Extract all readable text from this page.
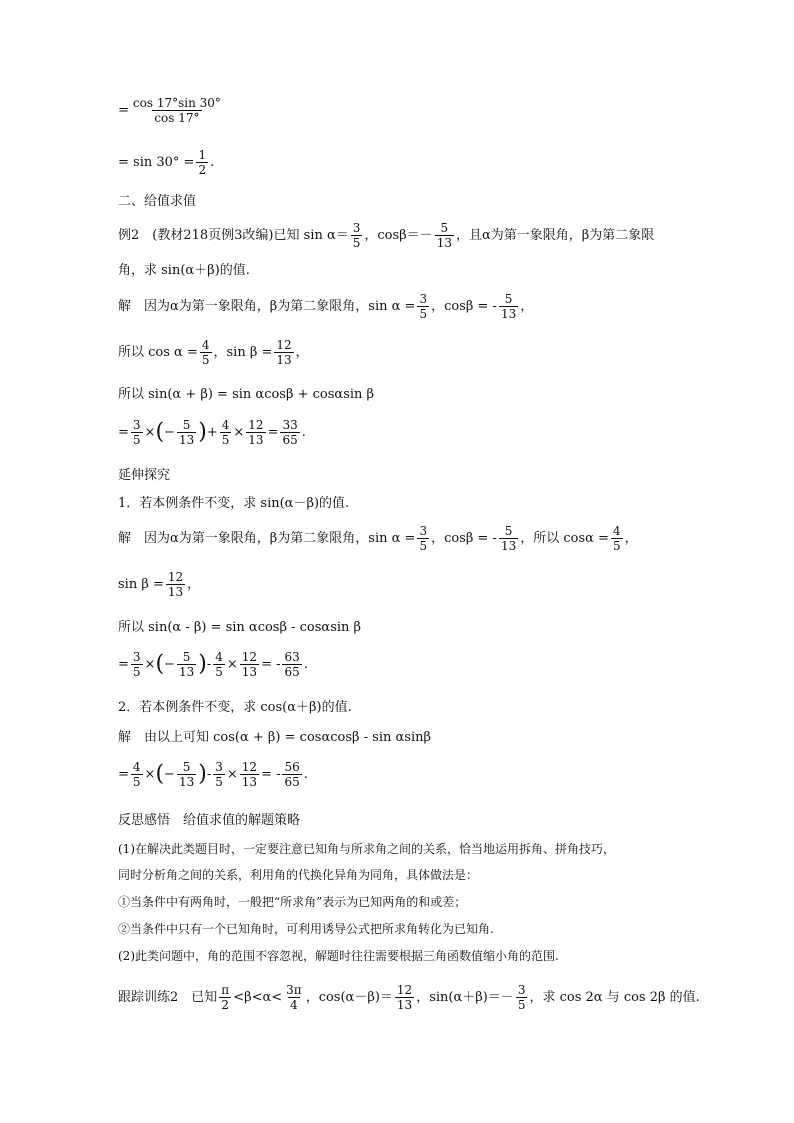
= $\frac{\cos 17^\circ\sin 30^\circ}{\cos 17^\circ}$
= $\sin 30^\circ = \frac{1}{2}$ .
二、给值求值
例2　(教材218页例3改编)已知 $\sin \alpha= \frac{3}{5}$ ，$\cos\beta=- \frac{5}{13}$ ，且α为第一象限角，β为第二象限
角，求 sin(α＋β)的值.
解　因为α为第一象限角，β为第二象限角，$\sin \alpha = \frac{3}{5}$ ，cosβ = - $\frac{5}{13}$ ，
所以 $\cos \alpha = \frac{4}{5}$ ，$\sin \beta = \frac{12}{13}$ ，
所以 sin(α + β) = sin αcosβ + cosαsin β
= $\frac{3}{5}$ ×(− $\frac{5}{13}$ )+ $\frac{4}{5} \times \frac{12}{13} = \frac{33}{65}$ .
延伸探究
1．若本例条件不变，求 sin(α－β)的值.
解　因为α为第一象限角，β为第二象限角，$\sin \alpha = \frac{3}{5}$ ，cosβ = - $\frac{5}{13}$ ，所以 $\cos\alpha = \frac{4}{5}$ ，
$\sin \beta = \frac{12}{13}$ ，
所以 sin(α - β) = sin αcosβ - cosαsin β
= $\frac{3}{5}$ ×(− $\frac{5}{13}$ )- $\frac{4}{5} \times \frac{12}{13}$ = - $\frac{63}{65}$ .
2．若本例条件不变，求 cos(α＋β)的值.
解　由以上可知 cos(α + β) = cosαcosβ - sin αsinβ
= $\frac{4}{5}$ ×(− $\frac{5}{13}$ )- $\frac{3}{5} \times \frac{12}{13}$ = - $\frac{56}{65}$ .
反思感悟　给值求值的解题策略
(1)在解决此类题目时，一定要注意已知角与所求角之间的关系，恰当地运用拆角、拼角技巧，
同时分析角之间的关系，利用角的代换化异角为同角，具体做法是：
①当条件中有两角时，一般把“所求角”表示为已知两角的和或差；
②当条件中只有一个已知角时，可利用诱导公式把所求角转化为已知角.
(2)此类问题中，角的范围不容忽视，解题时往往需要根据三角函数值缩小角的范围.
跟踪训练2　已知 $\frac{\pi}{2} <\beta<\alpha< \frac{3\pi}{4}$ ，$\cos(\alpha-\beta)= \frac{12}{13}$ ，$\sin(\alpha+\beta)=- \frac{3}{5}$ ，求 cos 2α 与 cos 2β 的值.
